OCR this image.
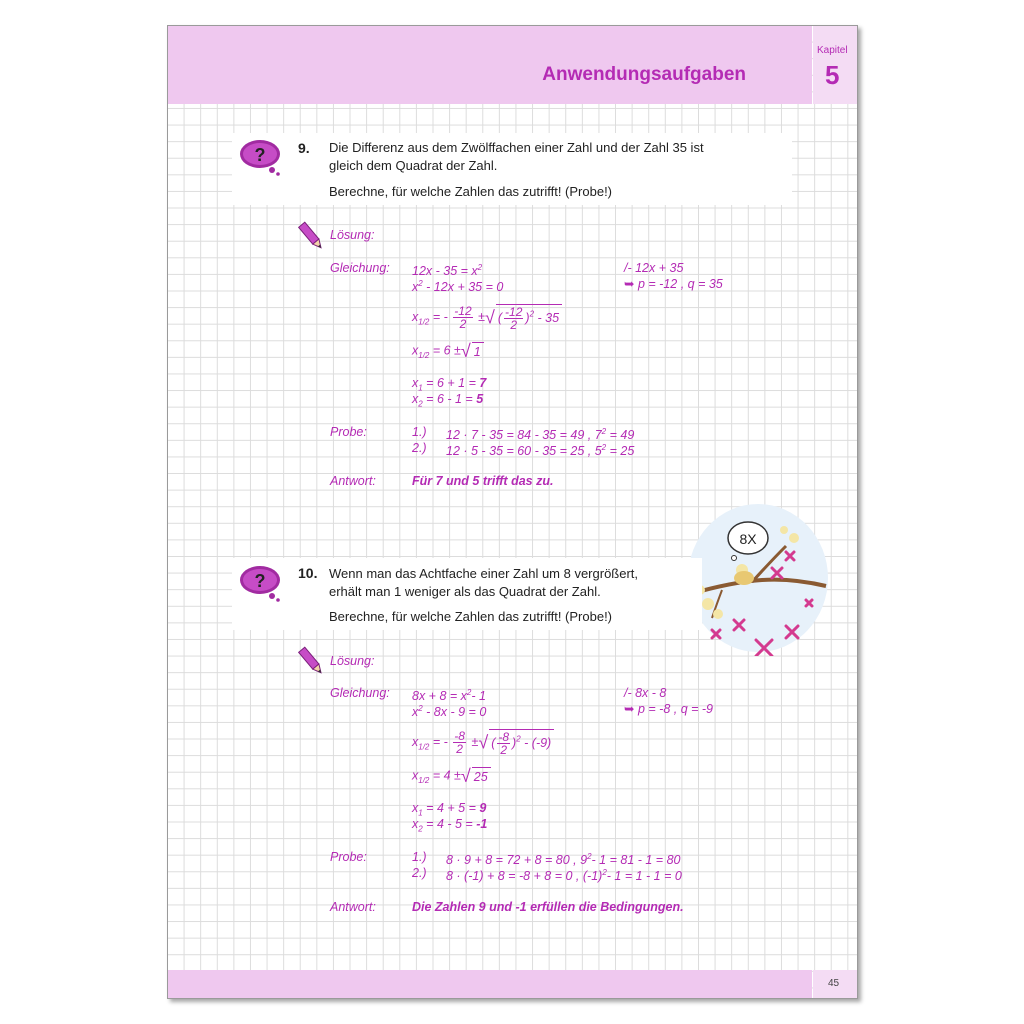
Anwendungsaufgaben
Kapitel
5
? 9. Die Differenz aus dem Zwölffachen einer Zahl und der Zahl 35 ist
gleich dem Quadrat der Zahl.
Berechne, für welche Zahlen das zutrifft! (Probe!)
Lösung:
Gleichung: $12x - 35 = x^2$
$x^2 - 12x + 35 = 0$
/- 12x + 35
➥ p = -12 , q = 35
$x_{1/2}$ = - $\frac{-12}{2}$ ±√ ( $\frac{-12}{2} )^2 - 35$
$x_{1/2} = 6$ ±√ 1
$x_1 = 6 + 1 = 7$
$x_2 = 6 - 1 = 5$
Probe:	1.) 12 · 7 - 35 = 84 - 35 = 49 , $7^2 = 49$
2.) 12 · 5 - 35 = 60 - 35 = 25 , $5^2 = 25$
Antwort:	Für 7 und 5 trifft das zu.
8X
? 10. Wenn man das Achtfache einer Zahl um 8 vergrößert,
erhält man 1 weniger als das Quadrat der Zahl.
Berechne, für welche Zahlen das zutrifft! (Probe!)
Lösung:
Gleichung: $8x + 8 = x^2-$ 1
$x^2 - 8x - 9 = 0$
/- 8x - 8
➥ p = -8 , q = -9
$x_{1/2}$ = - $\frac{-8}{2}$ ±√ ( $\frac{-8}{2} )^2 - (-9)$
$x_{1/2} = 4$ ±√ 25
$x_1 = 4 + 5 = 9$
$x_2 = 4 - 5 = -1$
Probe:	1.) 8 · 9 + 8 = 72 + 8 = 80 , $9^2-$ 1 = 81 - 1 = 80
2.) 8 · (-1) + 8 = -8 + 8 = 0 , $(-1)^2-$ 1 = 1 - 1 = 0
Antwort:	Die Zahlen 9 und -1 erfüllen die Bedingungen.
45
